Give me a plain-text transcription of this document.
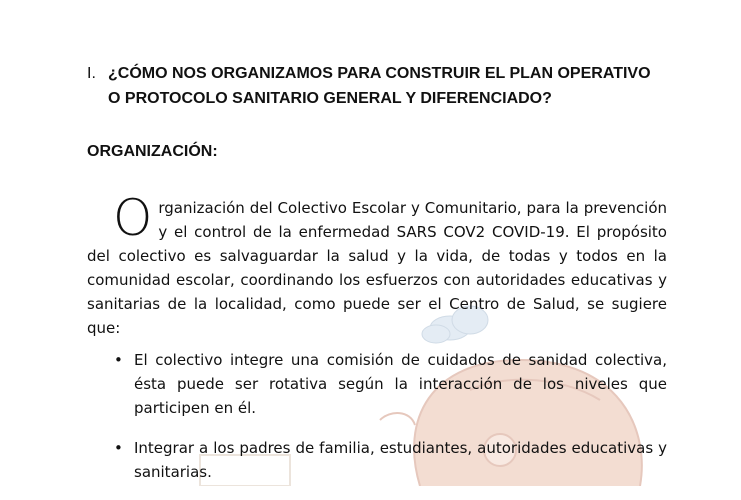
I. ¿CÓMO NOS ORGANIZAMOS PARA CONSTRUIR EL PLAN OPERATIVO O PROTOCOLO SANITARIO GENERAL Y DIFERENCIADO?
ORGANIZACIÓN:
O rganización del Colectivo Escolar y Comunitario, para la prevención y el control de la enfermedad SARS COV2 COVID-19. El propósito del colectivo es salvaguardar la salud y la vida, de todas y todos en la comunidad escolar, coordinando los esfuerzos con autoridades educativas y sanitarias de la localidad, como puede ser el Centro de Salud, se sugiere que:
• El colectivo integre una comisión de cuidados de sanidad colectiva, ésta puede ser rotativa según la interacción de los niveles que participen en él.
• Integrar a los padres de familia, estudiantes, autoridades educativas y sanitarias.
